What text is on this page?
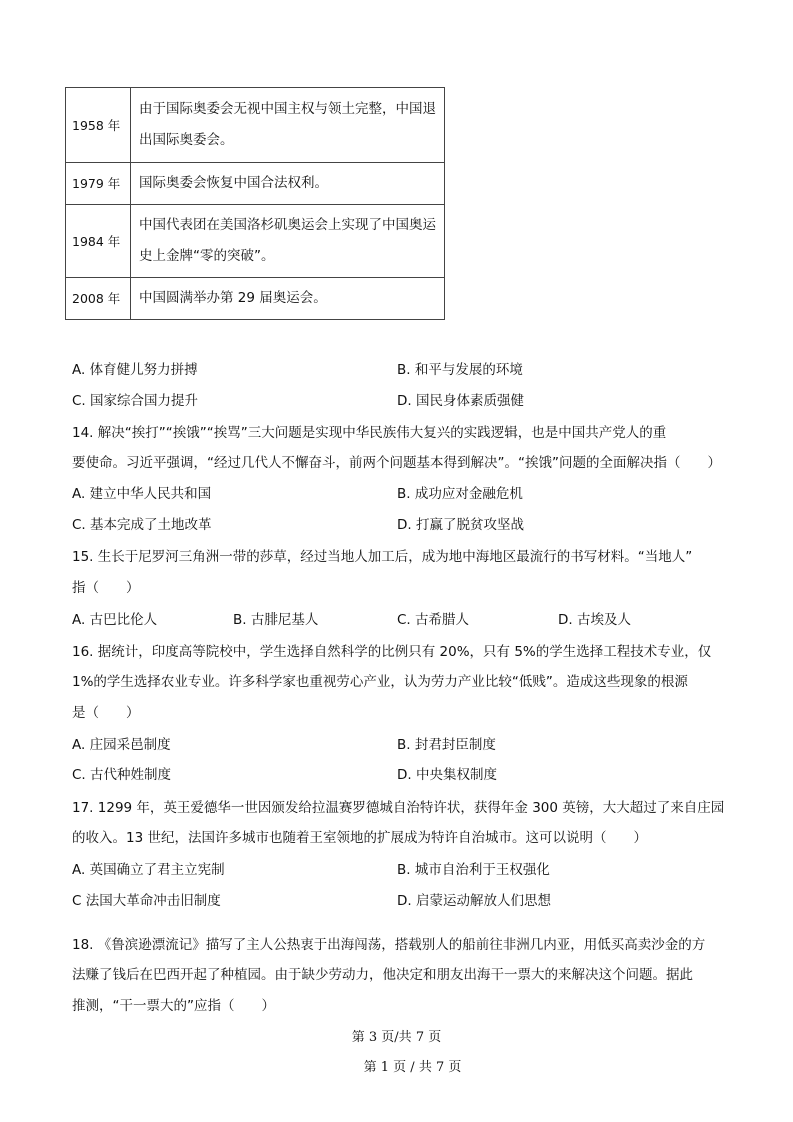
1958 年	由于国际奥委会无视中国主权与领土完整，中国退出国际奥委会。
1979 年	国际奥委会恢复中国合法权利。
1984 年	中国代表团在美国洛杉矶奥运会上实现了中国奥运史上金牌“零的突破”。
2008 年	中国圆满举办第 29 届奥运会。
A. 体育健儿努力拼搏	B. 和平与发展的环境
C. 国家综合国力提升	D. 国民身体素质强健
14. 解决“挨打”“挨饿”“挨骂”三大问题是实现中华民族伟大复兴的实践逻辑，也是中国共产党人的重
要使命。习近平强调，“经过几代人不懈奋斗，前两个问题基本得到解决”。“挨饿”问题的全面解决指（　　）
A. 建立中华人民共和国	B. 成功应对金融危机
C. 基本完成了土地改革	D. 打赢了脱贫攻坚战
15. 生长于尼罗河三角洲一带的莎草，经过当地人加工后，成为地中海地区最流行的书写材料。“当地人”
指（　　）
A. 古巴比伦人	B. 古腓尼基人	C. 古希腊人	D. 古埃及人
16. 据统计，印度高等院校中，学生选择自然科学的比例只有 20%，只有 5%的学生选择工程技术专业，仅
1%的学生选择农业专业。许多科学家也重视劳心产业，认为劳力产业比较“低贱”。造成这些现象的根源
是（　　）
A. 庄园采邑制度	B. 封君封臣制度
C. 古代种姓制度	D. 中央集权制度
17. 1299 年，英王爱德华一世因颁发给拉温赛罗德城自治特许状，获得年金 300 英镑，大大超过了来自庄园
的收入。13 世纪，法国许多城市也随着王室领地的扩展成为特许自治城市。这可以说明（　　）
A. 英国确立了君主立宪制	B. 城市自治利于王权强化
C 法国大革命冲击旧制度	D. 启蒙运动解放人们思想
18. 《鲁滨逊漂流记》描写了主人公热衷于出海闯荡，搭载别人的船前往非洲几内亚，用低买高卖沙金的方
法赚了钱后在巴西开起了种植园。由于缺少劳动力，他决定和朋友出海干一票大的来解决这个问题。据此
推测，“干一票大的”应指（　　）
第 3 页/共 7 页
第 1 页 / 共 7 页
